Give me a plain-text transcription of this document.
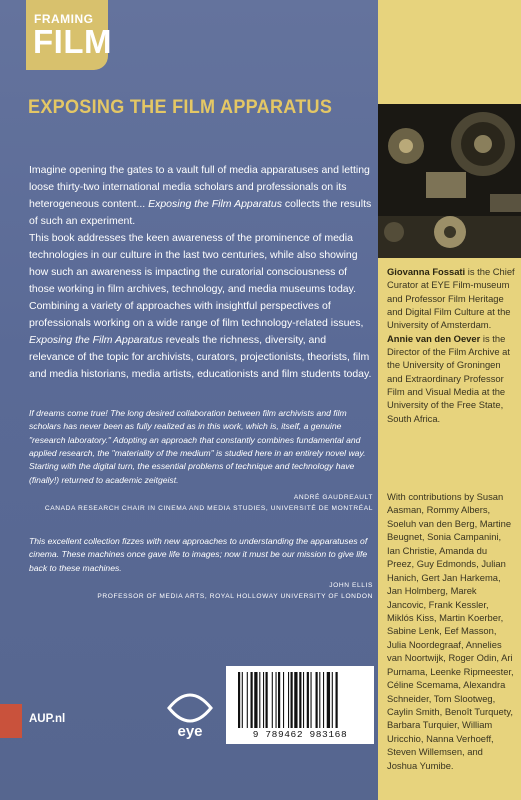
FRAMING
FILM
EXPOSING THE FILM APPARATUS

Imagine opening the gates to a vault full of media apparatuses and letting loose thirty-two international media scholars and professionals on its heterogeneous content... Exposing the Film Apparatus collects the results of such an experiment.

This book addresses the keen awareness of the prominence of media technologies in our culture in the last two centuries, while also showing how such an awareness is impacting the curatorial consciousness of those working in film archives, technology, and media museums today. Combining a variety of approaches with insightful perspectives of professionals working on a wide range of film technology-related issues, Exposing the Film Apparatus reveals the richness, diversity, and relevance of the topic for archivists, curators, projectionists, theorists, film and media historians, media artists, educationists and film students today.

If dreams come true! The long desired collaboration between film archivists and film scholars has never been as fully realized as in this work, which is, itself, a genuine "research laboratory." Adopting an approach that constantly combines fundamental and applied research, the "materiality of the medium" is studied here in an entirely novel way. Starting with the digital turn, the essential problems of technique and technology have (finally!) returned to academic zeitgeist.
ANDRÉ GAUDREAULT
CANADA RESEARCH CHAIR IN CINEMA AND MEDIA STUDIES, UNIVERSITÉ DE MONTRÉAL
This excellent collection fizzes with new approaches to understanding the apparatuses of cinema. These machines once gave life to images; now it must be our mission to give life back to these machines.
JOHN ELLIS
PROFESSOR OF MEDIA ARTS, ROYAL HOLLOWAY UNIVERSITY OF LONDON
Giovanna Fossati is the Chief Curator at EYE Film-museum and Professor Film Heritage and Digital Film Culture at the University of Amsterdam.
Annie van den Oever is the Director of the Film Archive at the University of Groningen and Extraordinary Professor Film and Visual Media at the University of the Free State, South Africa.
With contributions by Susan Aasman, Rommy Albers, Soeluh van den Berg, Martine Beugnet, Sonia Campanini, Ian Christie, Amanda du Preez, Guy Edmonds, Julian Hanich, Gert Jan Harkema, Jan Holmberg, Marek Jancovic, Frank Kessler, Miklós Kiss, Martin Koerber, Sabine Lenk, Eef Masson, Julia Noordegraaf, Annelies van Noortwijk, Roger Odin, Ari Purnama, Leenke Ripmeester, Céline Scemama, Alexandra Schneider, Tom Slootweg, Caylin Smith, Benoît Turquety, Barbara Turquier, William Uricchio, Nanna Verhoeff, Steven Willemsen, and Joshua Yumibe.
AUP.nl
eye	9 789462 983168
